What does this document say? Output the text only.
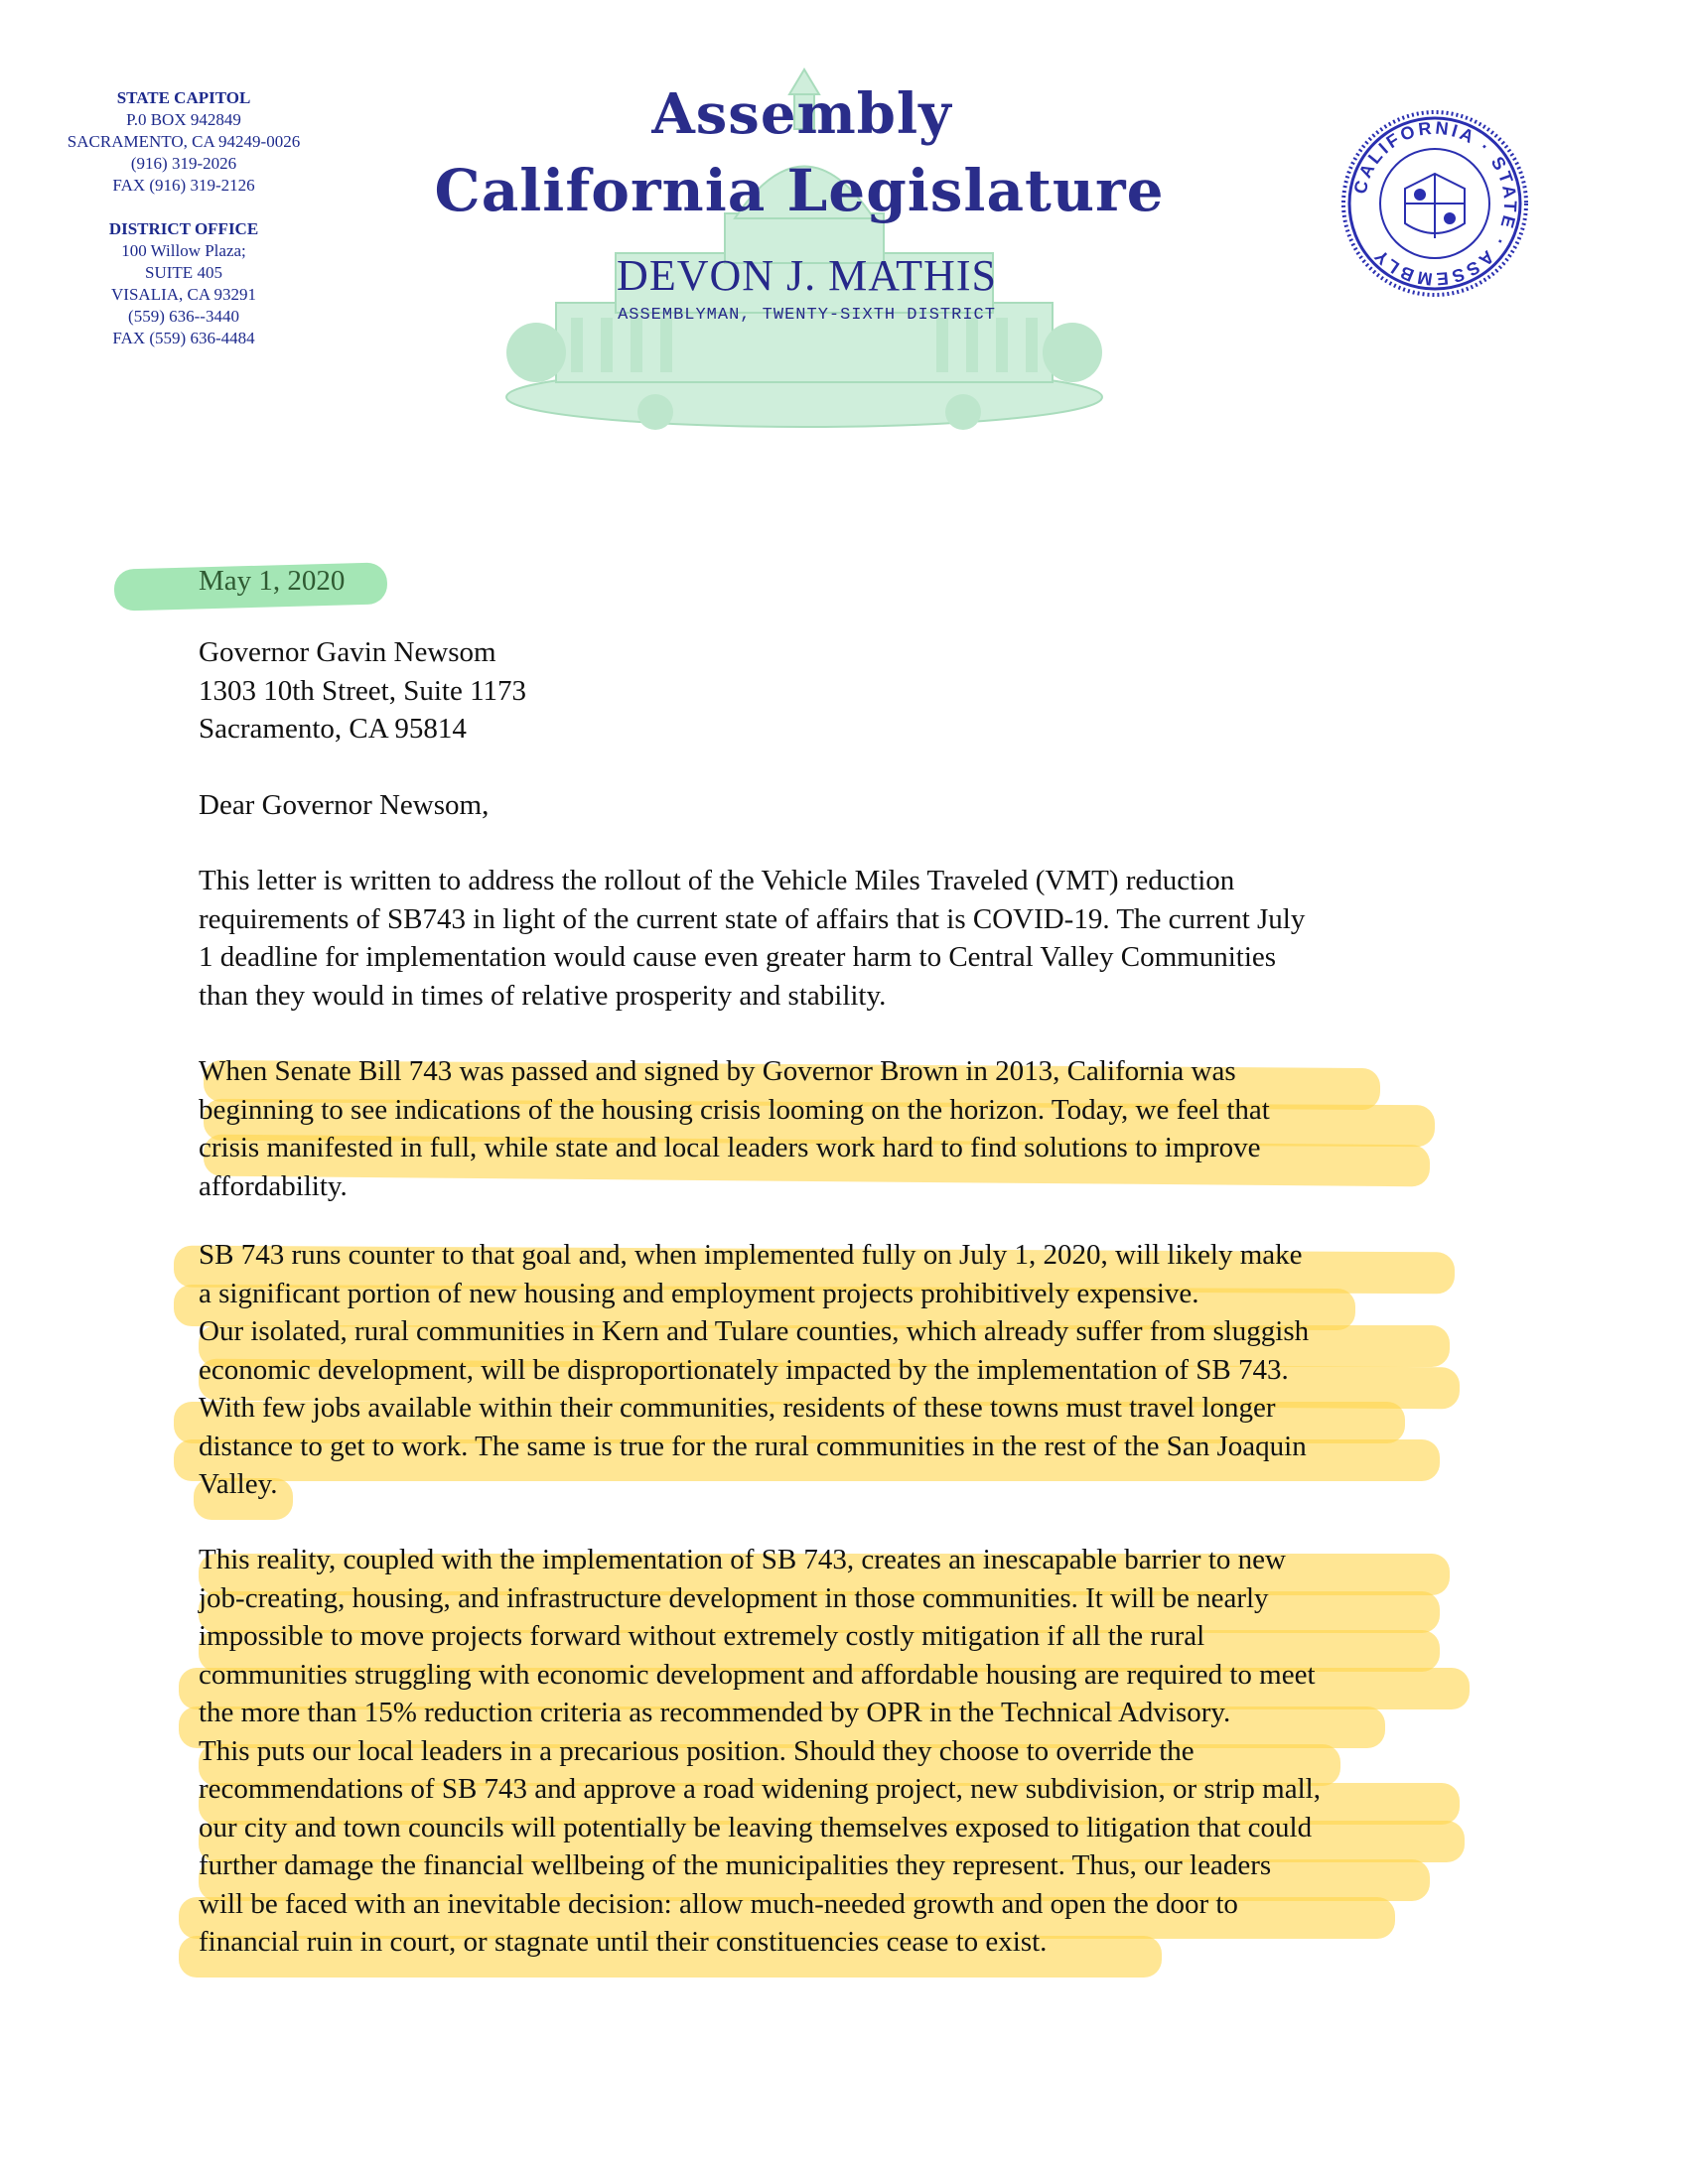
STATE CAPITOL
P.0 BOX 942849
SACRAMENTO, CA 94249-0026
(916) 319-2026
FAX (916) 319-2126
DISTRICT OFFICE
100 Willow Plaza;
SUITE 405
VISALIA, CA 93291
(559) 636--3440
FAX (559) 636-4484
Assembly
California Legislature
DEVON J. MATHIS
ASSEMBLYMAN, TWENTY-SIXTH DISTRICT
CALIFORNIA · STATE · ASSEMBLY

May 1, 2020

Governor Gavin Newsom
1303 10th Street, Suite 1173
Sacramento, CA 95814

Dear Governor Newsom,

This letter is written to address the rollout of the Vehicle Miles Traveled (VMT) reduction
requirements of SB743 in light of the current state of affairs that is COVID-19. The current July
1 deadline for implementation would cause even greater harm to Central Valley Communities
than they would in times of relative prosperity and stability.
When Senate Bill 743 was passed and signed by Governor Brown in 2013, California was
beginning to see indications of the housing crisis looming on the horizon. Today, we feel that
crisis manifested in full, while state and local leaders work hard to find solutions to improve
affordability.
SB 743 runs counter to that goal and, when implemented fully on July 1, 2020, will likely make
a significant portion of new housing and employment projects prohibitively expensive.
Our isolated, rural communities in Kern and Tulare counties, which already suffer from sluggish
economic development, will be disproportionately impacted by the implementation of SB 743.
With few jobs available within their communities, residents of these towns must travel longer
distance to get to work. The same is true for the rural communities in the rest of the San Joaquin
Valley.
This reality, coupled with the implementation of SB 743, creates an inescapable barrier to new
job-creating, housing, and infrastructure development in those communities. It will be nearly
impossible to move projects forward without extremely costly mitigation if all the rural
communities struggling with economic development and affordable housing are required to meet
the more than 15% reduction criteria as recommended by OPR in the Technical Advisory.
This puts our local leaders in a precarious position. Should they choose to override the
recommendations of SB 743 and approve a road widening project, new subdivision, or strip mall,
our city and town councils will potentially be leaving themselves exposed to litigation that could
further damage the financial wellbeing of the municipalities they represent. Thus, our leaders
will be faced with an inevitable decision: allow much-needed growth and open the door to
financial ruin in court, or stagnate until their constituencies cease to exist.
